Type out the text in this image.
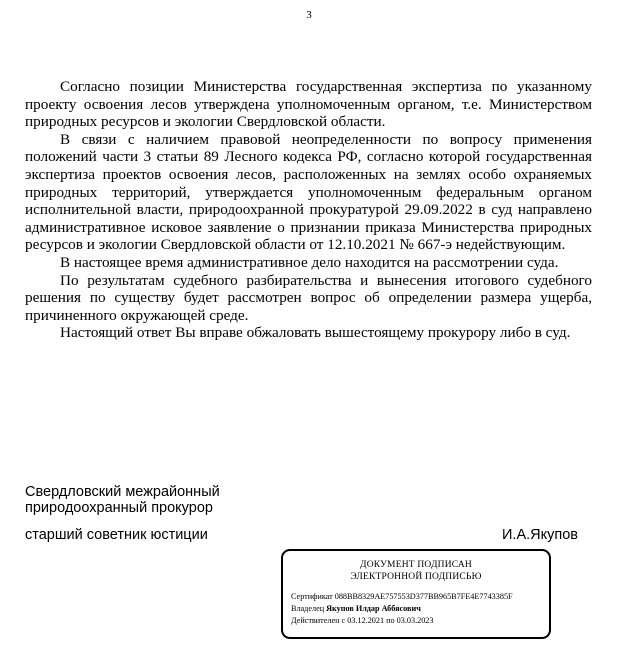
3

Согласно позиции Министерства государственная экспертиза по указанному проекту освоения лесов утверждена уполномоченным органом, т.е. Министерством природных ресурсов и экологии Свердловской области.

В связи с наличием правовой неопределенности по вопросу применения положений части 3 статьи 89 Лесного кодекса РФ, согласно которой государственная экспертиза проектов освоения лесов, расположенных на землях особо охраняемых природных территорий, утверждается уполномоченным федеральным органом исполнительной власти, природоохранной прокуратурой 29.09.2022 в суд направлено административное исковое заявление о признании приказа Министерства природных ресурсов и экологии Свердловской области от 12.10.2021 № 667-э недействующим.

В настоящее время административное дело находится на рассмотрении суда.

По результатам судебного разбирательства и вынесения итогового судебного решения по существу будет рассмотрен вопрос об определении размера ущерба, причиненного окружающей среде.

Настоящий ответ Вы вправе обжаловать вышестоящему прокурору либо в суд.

Свердловский межрайонный
природоохранный прокурор
старший советник юстиции	И.А.Якупов
ДОКУМЕНТ ПОДПИСАН
ЭЛЕКТРОННОЙ ПОДПИСЬЮ
Сертификат 088BB8329AE757553D377BB965B7FE4E7743385F
Владелец Якупов Илдар Аббясович
Действителен с 03.12.2021 по 03.03.2023
